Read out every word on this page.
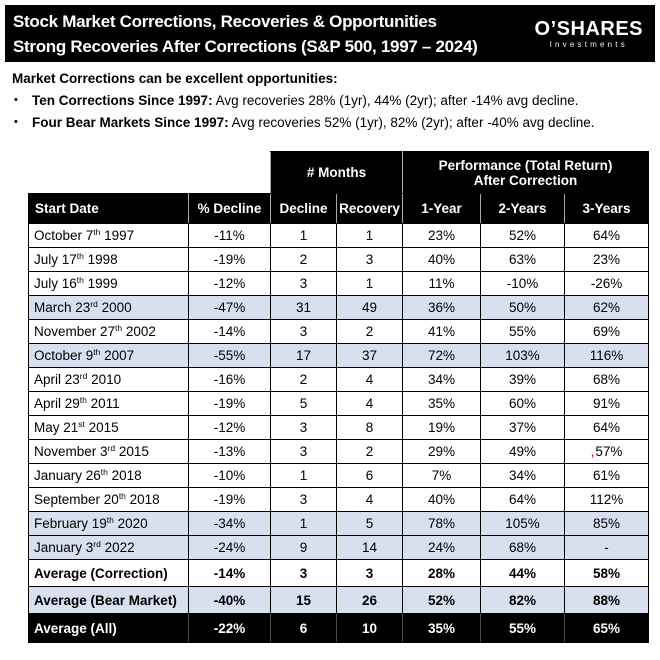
Stock Market Corrections, Recoveries & Opportunities
Strong Recoveries After Corrections (S&P 500, 1997 – 2024)
O’SHARES
Investments
Market Corrections can be excellent opportunities:
•	Ten Corrections Since 1997: Avg recoveries 28% (1yr), 44% (2yr); after -14% avg decline.
•	Four Bear Markets Since 1997: Avg recoveries 52% (1yr), 82% (2yr); after -40% avg decline.
		# Months		Performance (Total Return)
After Correction		

Start Date	% Decline	Decline	Recovery	1-Year	2-Years	3-Years
October 7th 1997	-11%	1	1	23%	52%	64%
July 17th 1998	-19%	2	3	40%	63%	23%
July 16th 1999	-12%	3	1	11%	-10%	-26%
March 23rd 2000	-47%	31	49	36%	50%	62%
November 27th 2002	-14%	3	2	41%	55%	69%
October 9th 2007	-55%	17	37	72%	103%	116%
April 23rd 2010	-16%	2	4	34%	39%	68%
April 29th 2011	-19%	5	4	35%	60%	91%
May 21st 2015	-12%	3	8	19%	37%	64%
November 3rd 2015	-13%	3	2	29%	49%	,57%
January 26th 2018	-10%	1	6	7%	34%	61%
September 20th 2018	-19%	3	4	40%	64%	112%
February 19th 2020	-34%	1	5	78%	105%	85%
January 3rd 2022	-24%	9	14	24%	68%	-
Average (Correction)	-14%	3	3	28%	44%	58%
Average (Bear Market)	-40%	15	26	52%	82%	88%
Average (All)	-22%	6	10	35%	55%	65%
